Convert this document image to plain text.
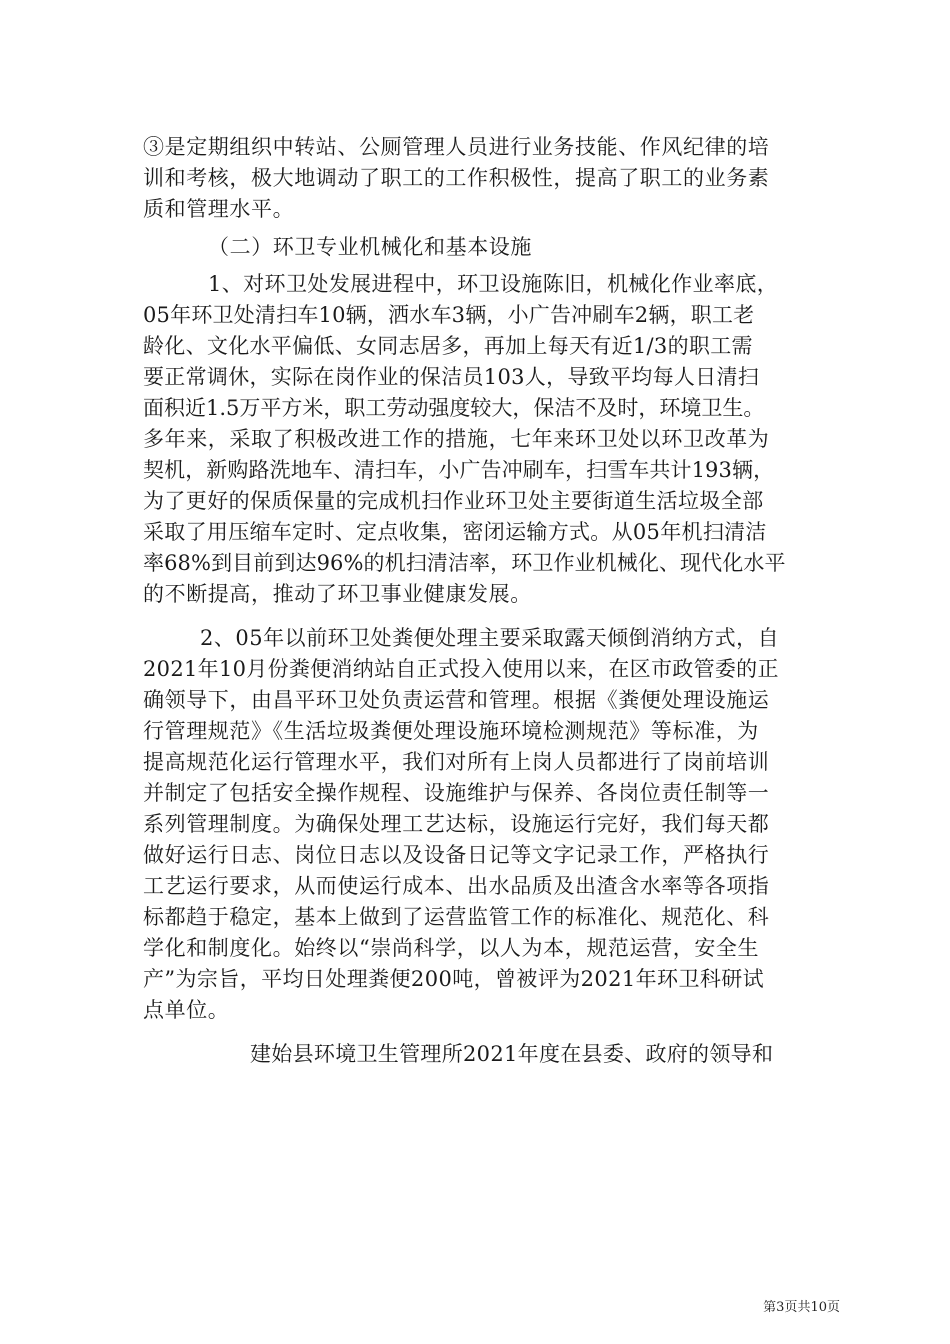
③是定期组织中转站、公厕管理人员进行业务技能、作风纪律的培
训和考核，极大地调动了职工的工作积极性，提高了职工的业务素
质和管理水平。
（二）环卫专业机械化和基本设施
1、对环卫处发展进程中，环卫设施陈旧，机械化作业率底，
05年环卫处清扫车10辆，洒水车3辆，小广告冲刷车2辆，职工老
龄化、文化水平偏低、女同志居多，再加上每天有近1/3的职工需
要正常调休，实际在岗作业的保洁员103人，导致平均每人日清扫
面积近1.5万平方米，职工劳动强度较大，保洁不及时，环境卫生。
多年来，采取了积极改进工作的措施，七年来环卫处以环卫改革为
契机，新购路洗地车、清扫车，小广告冲刷车，扫雪车共计193辆，
为了更好的保质保量的完成机扫作业环卫处主要街道生活垃圾全部
采取了用压缩车定时、定点收集，密闭运输方式。从05年机扫清洁
率68%到目前到达96%的机扫清洁率，环卫作业机械化、现代化水平
的不断提高，推动了环卫事业健康发展。
2、05年以前环卫处粪便处理主要采取露天倾倒消纳方式，自
2021年10月份粪便消纳站自正式投入使用以来，在区市政管委的正
确领导下，由昌平环卫处负责运营和管理。根据《粪便处理设施运
行管理规范》《生活垃圾粪便处理设施环境检测规范》等标准，为
提高规范化运行管理水平，我们对所有上岗人员都进行了岗前培训
并制定了包括安全操作规程、设施维护与保养、各岗位责任制等一
系列管理制度。为确保处理工艺达标，设施运行完好，我们每天都
做好运行日志、岗位日志以及设备日记等文字记录工作，严格执行
工艺运行要求，从而使运行成本、出水品质及出渣含水率等各项指
标都趋于稳定，基本上做到了运营监管工作的标准化、规范化、科
学化和制度化。始终以“崇尚科学，以人为本，规范运营，安全生
产”为宗旨，平均日处理粪便200吨，曾被评为2021年环卫科研试
点单位。
建始县环境卫生管理所2021年度在县委、政府的领导和
第3页共10页
